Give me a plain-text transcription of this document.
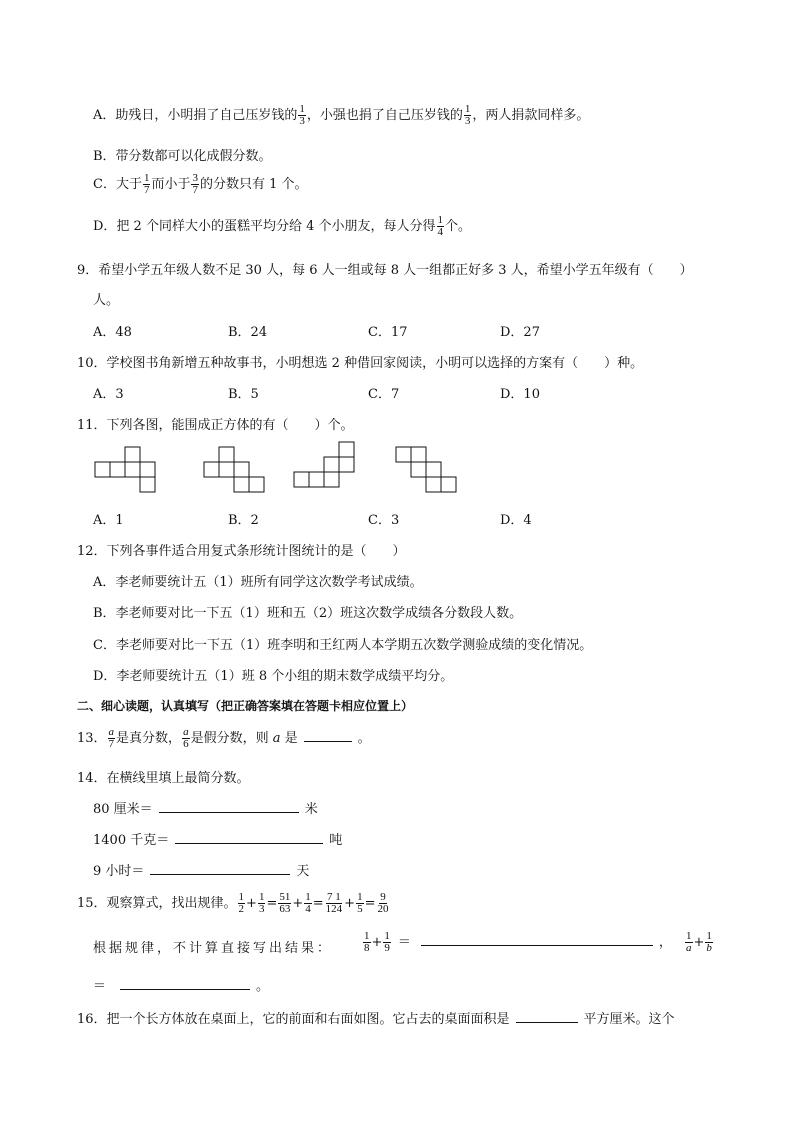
A．助残日，小明捐了自己压岁钱的 $\frac{1}{3}$ ，小强也捐了自己压岁钱的 $\frac{1}{3}$ ，两人捐款同样多。
B．带分数都可以化成假分数。
C．大于 $\frac{1}{7}$ 而小于 $\frac{3}{7}$ 的分数只有 1 个。
D．把 2 个同样大小的蛋糕平均分给 4 个小朋友，每人分得 $\frac{1}{4}$ 个。
9．希望小学五年级人数不足 30 人，每 6 人一组或每 8 人一组都正好多 3 人，希望小学五年级有（　　）
人。
A．48	B．24	C．17	D．27
10．学校图书角新增五种故事书，小明想选 2 种借回家阅读，小明可以选择的方案有（　　）种。
A．3	B．5	C．7	D．10
11．下列各图，能围成正方体的有（　　）个。
A．1	B．2	C．3	D．4
12．下列各事件适合用复式条形统计图统计的是（　　）
A．李老师要统计五（1）班所有同学这次数学考试成绩。
B．李老师要对比一下五（1）班和五（2）班这次数学成绩各分数段人数。
C．李老师要对比一下五（1）班李明和王红两人本学期五次数学测验成绩的变化情况。
D．李老师要统计五（1）班 8 个小组的期末数学成绩平均分。
二、细心读题，认真填写（把正确答案填在答题卡相应位置上）
13． $\frac{a}{7}$ 是真分数， $\frac{a}{6}$ 是假分数，则 a 是	。
14．在横线里填上最简分数。
80 厘米＝	米
1400 千克＝	吨
9 小时＝	天
15．观察算式，找出规律。 $\frac{1}{2} + \frac{1}{3} = \frac{51}{63} + \frac{1}{4} = \frac{7 1}{124} + \frac{1}{5} = \frac{9}{20}$
根据规律，不计算直接写出结果：	$\frac{1}{8} + \frac{1}{9}$ ＝	， $\frac{1}{a} + \frac{1}{b}$
＝	。
16．把一个长方体放在桌面上，它的前面和右面如图。它占去的桌面面积是	平方厘米。这个
